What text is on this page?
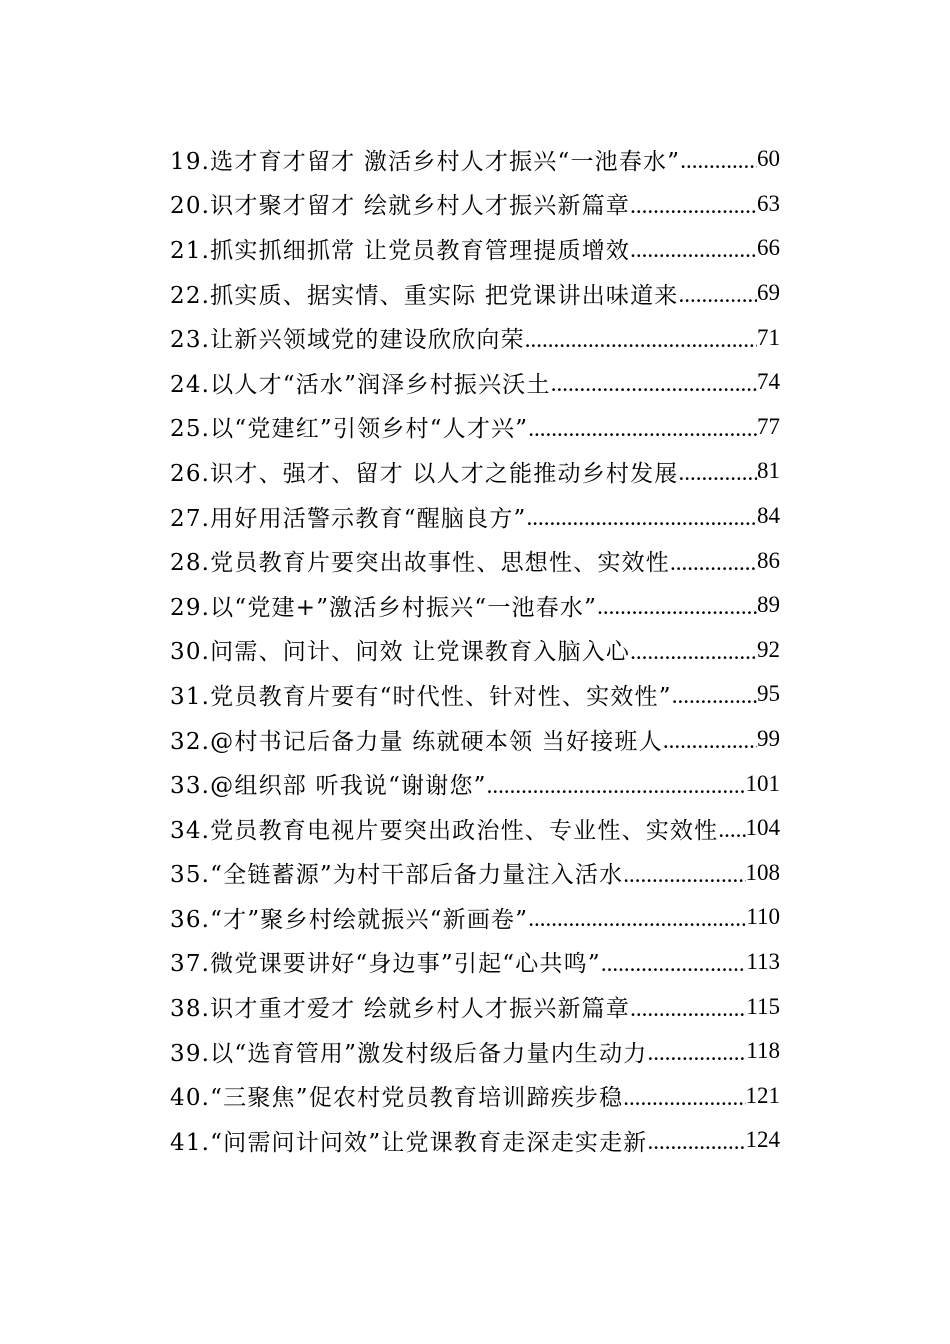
19.选才育才留才 激活乡村人才振兴“一池春水” .....	60
20.识才聚才留才 绘就乡村人才振兴新篇章 .....	63
21.抓实抓细抓常 让党员教育管理提质增效 .....	66
22.抓实质、据实情、重实际 把党课讲出味道来 .....	69
23.让新兴领域党的建设欣欣向荣 .....	71
24.以人才“活水”润泽乡村振兴沃土 .....	74
25.以“党建红”引领乡村“人才兴” .....	77
26.识才、强才、留才 以人才之能推动乡村发展 .....	81
27.用好用活警示教育“醒脑良方” .....	84
28.党员教育片要突出故事性、思想性、实效性 .....	86
29.以“党建+”激活乡村振兴“一池春水” .....	89
30.问需、问计、问效 让党课教育入脑入心 .....	92
31.党员教育片要有“时代性、针对性、实效性” .....	95
32.@村书记后备力量 练就硬本领 当好接班人 .....	99
33.@组织部 听我说“谢谢您” .....	101
34.党员教育电视片要突出政治性、专业性、实效性 ..... 104
35.“全链蓄源”为村干部后备力量注入活水 .....	108
36.“才”聚乡村绘就振兴“新画卷” .....	110
37.微党课要讲好“身边事”引起“心共鸣” .....	113
38.识才重才爱才 绘就乡村人才振兴新篇章 .....	115
39.以“选育管用”激发村级后备力量内生动力 .....	118
40.“三聚焦”促农村党员教育培训蹄疾步稳 .....	121
41.“问需问计问效”让党课教育走深走实走新 .....	124
